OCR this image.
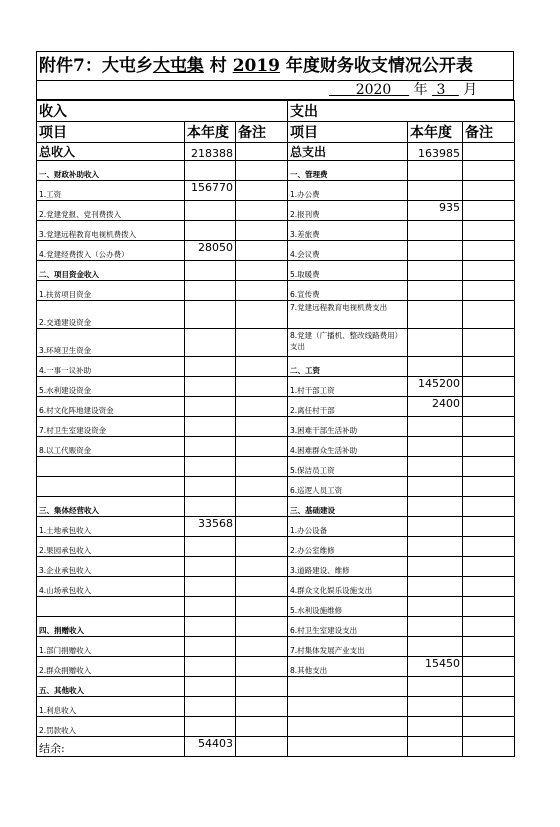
附件7：大屯乡大屯集 村 2019 年度财务收支情况公开表
2020 年 3 月
收入			支出		
项目	本年度	备注	项目	本年度	备注
总收入	218388		总支出	163985	
一、财政补助收入			一、管理费		
1.工资	156770		1.办公费		
2.党建党报、党刊费拨入			2.报刊费	935	
3.党建远程教育电视机费拨入			3.差旅费		
4.党建经费拨入（公办费）	28050		4.会议费		
二、项目资金收入			5.取暖费		
1.扶贫项目资金			6.宣传费		
2.交通建设资金			7.党建远程教育电视机费支出		
3.环境卫生资金			8.党建（广播机、整改线路费用）　支出		
4.一事一议补助			二、工资		
5.水利建设资金			1.村干部工资	145200	
6.村文化阵地建设资金			2.离任村干部	2400	
7.村卫生室建设资金			3.困难干部生活补助		
8.以工代赈资金			4.困难群众生活补助		
			5.保洁员工资		
			6.巡逻人员工资		
三、集体经营收入			三、基础建设		
1.土地承包收入	33568		1.办公设备		
2.果园承包收入			2.办公室维修		
3.企业承包收入			3.道路建设、维修		
4.山场承包收入			4.群众文化娱乐设施支出		
			5.水利设施维修		
四、捐赠收入			6.村卫生室建设支出		
1.部门捐赠收入			7.村集体发展产业支出		
2.群众捐赠收入			8.其他支出	15450	
五、其他收入					
1.利息收入					
2.罚款收入					
结余:	54403				
